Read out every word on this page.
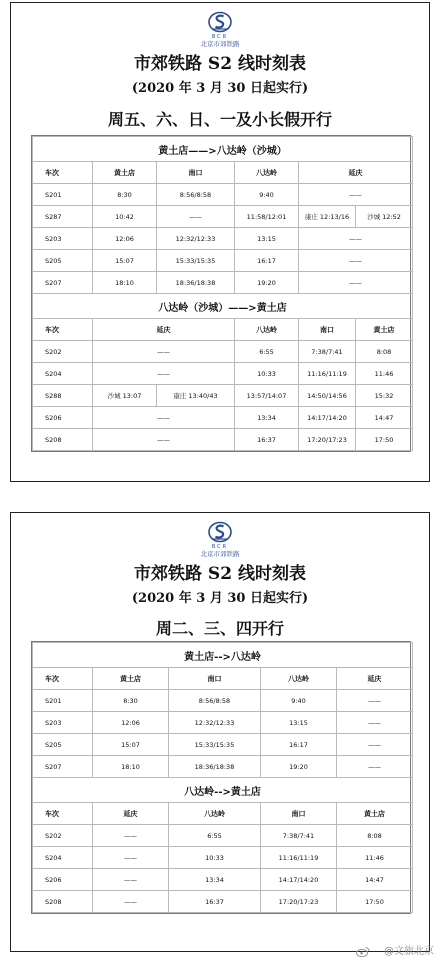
BCR
北京市郊铁路
市郊铁路 S2 线时刻表
(2020 年 3 月 30 日起实行)
周五、六、日、一及小长假开行
黄土店——>八达岭（沙城）					
车次	黄土店	南口	八达岭	延庆	
S201	8:30	8:56/8:58	9:40	——	
S287	10:42	——	11:58/12:01	康庄 12:13/16	沙城 12:52
S203	12:06	12:32/12:33	13:15	——	
S205	15:07	15:33/15:35	16:17	——	
S207	18:10	18:36/18:38	19:20	——	
八达岭（沙城）——>黄土店					
车次	延庆		八达岭	南口	黄土店
S202	——		6:55	7:38/7:41	8:08
S204	——		10:33	11:16/11:19	11:46
S288	沙城 13:07	康庄 13:40/43	13:57/14:07	14:50/14:56	15:32
S206	——		13:34	14:17/14:20	14:47
S208	——		16:37	17:20/17:23	17:50
BCR
北京市郊铁路
市郊铁路 S2 线时刻表
(2020 年 3 月 30 日起实行)
周二、三、四开行
黄土店-->八达岭				
车次	黄土店	南口	八达岭	延庆
S201	8:30	8:56/8:58	9:40	——
S203	12:06	12:32/12:33	13:15	——
S205	15:07	15:33/15:35	16:17	——
S207	18:10	18:36/18:38	19:20	——
八达岭-->黄土店				
车次	延庆	八达岭	南口	黄土店
S202	——	6:55	7:38/7:41	8:08
S204	——	10:33	11:16/11:19	11:46
S206	——	13:34	14:17/14:20	14:47
S208	——	16:37	17:20/17:23	17:50
@文旅北京
